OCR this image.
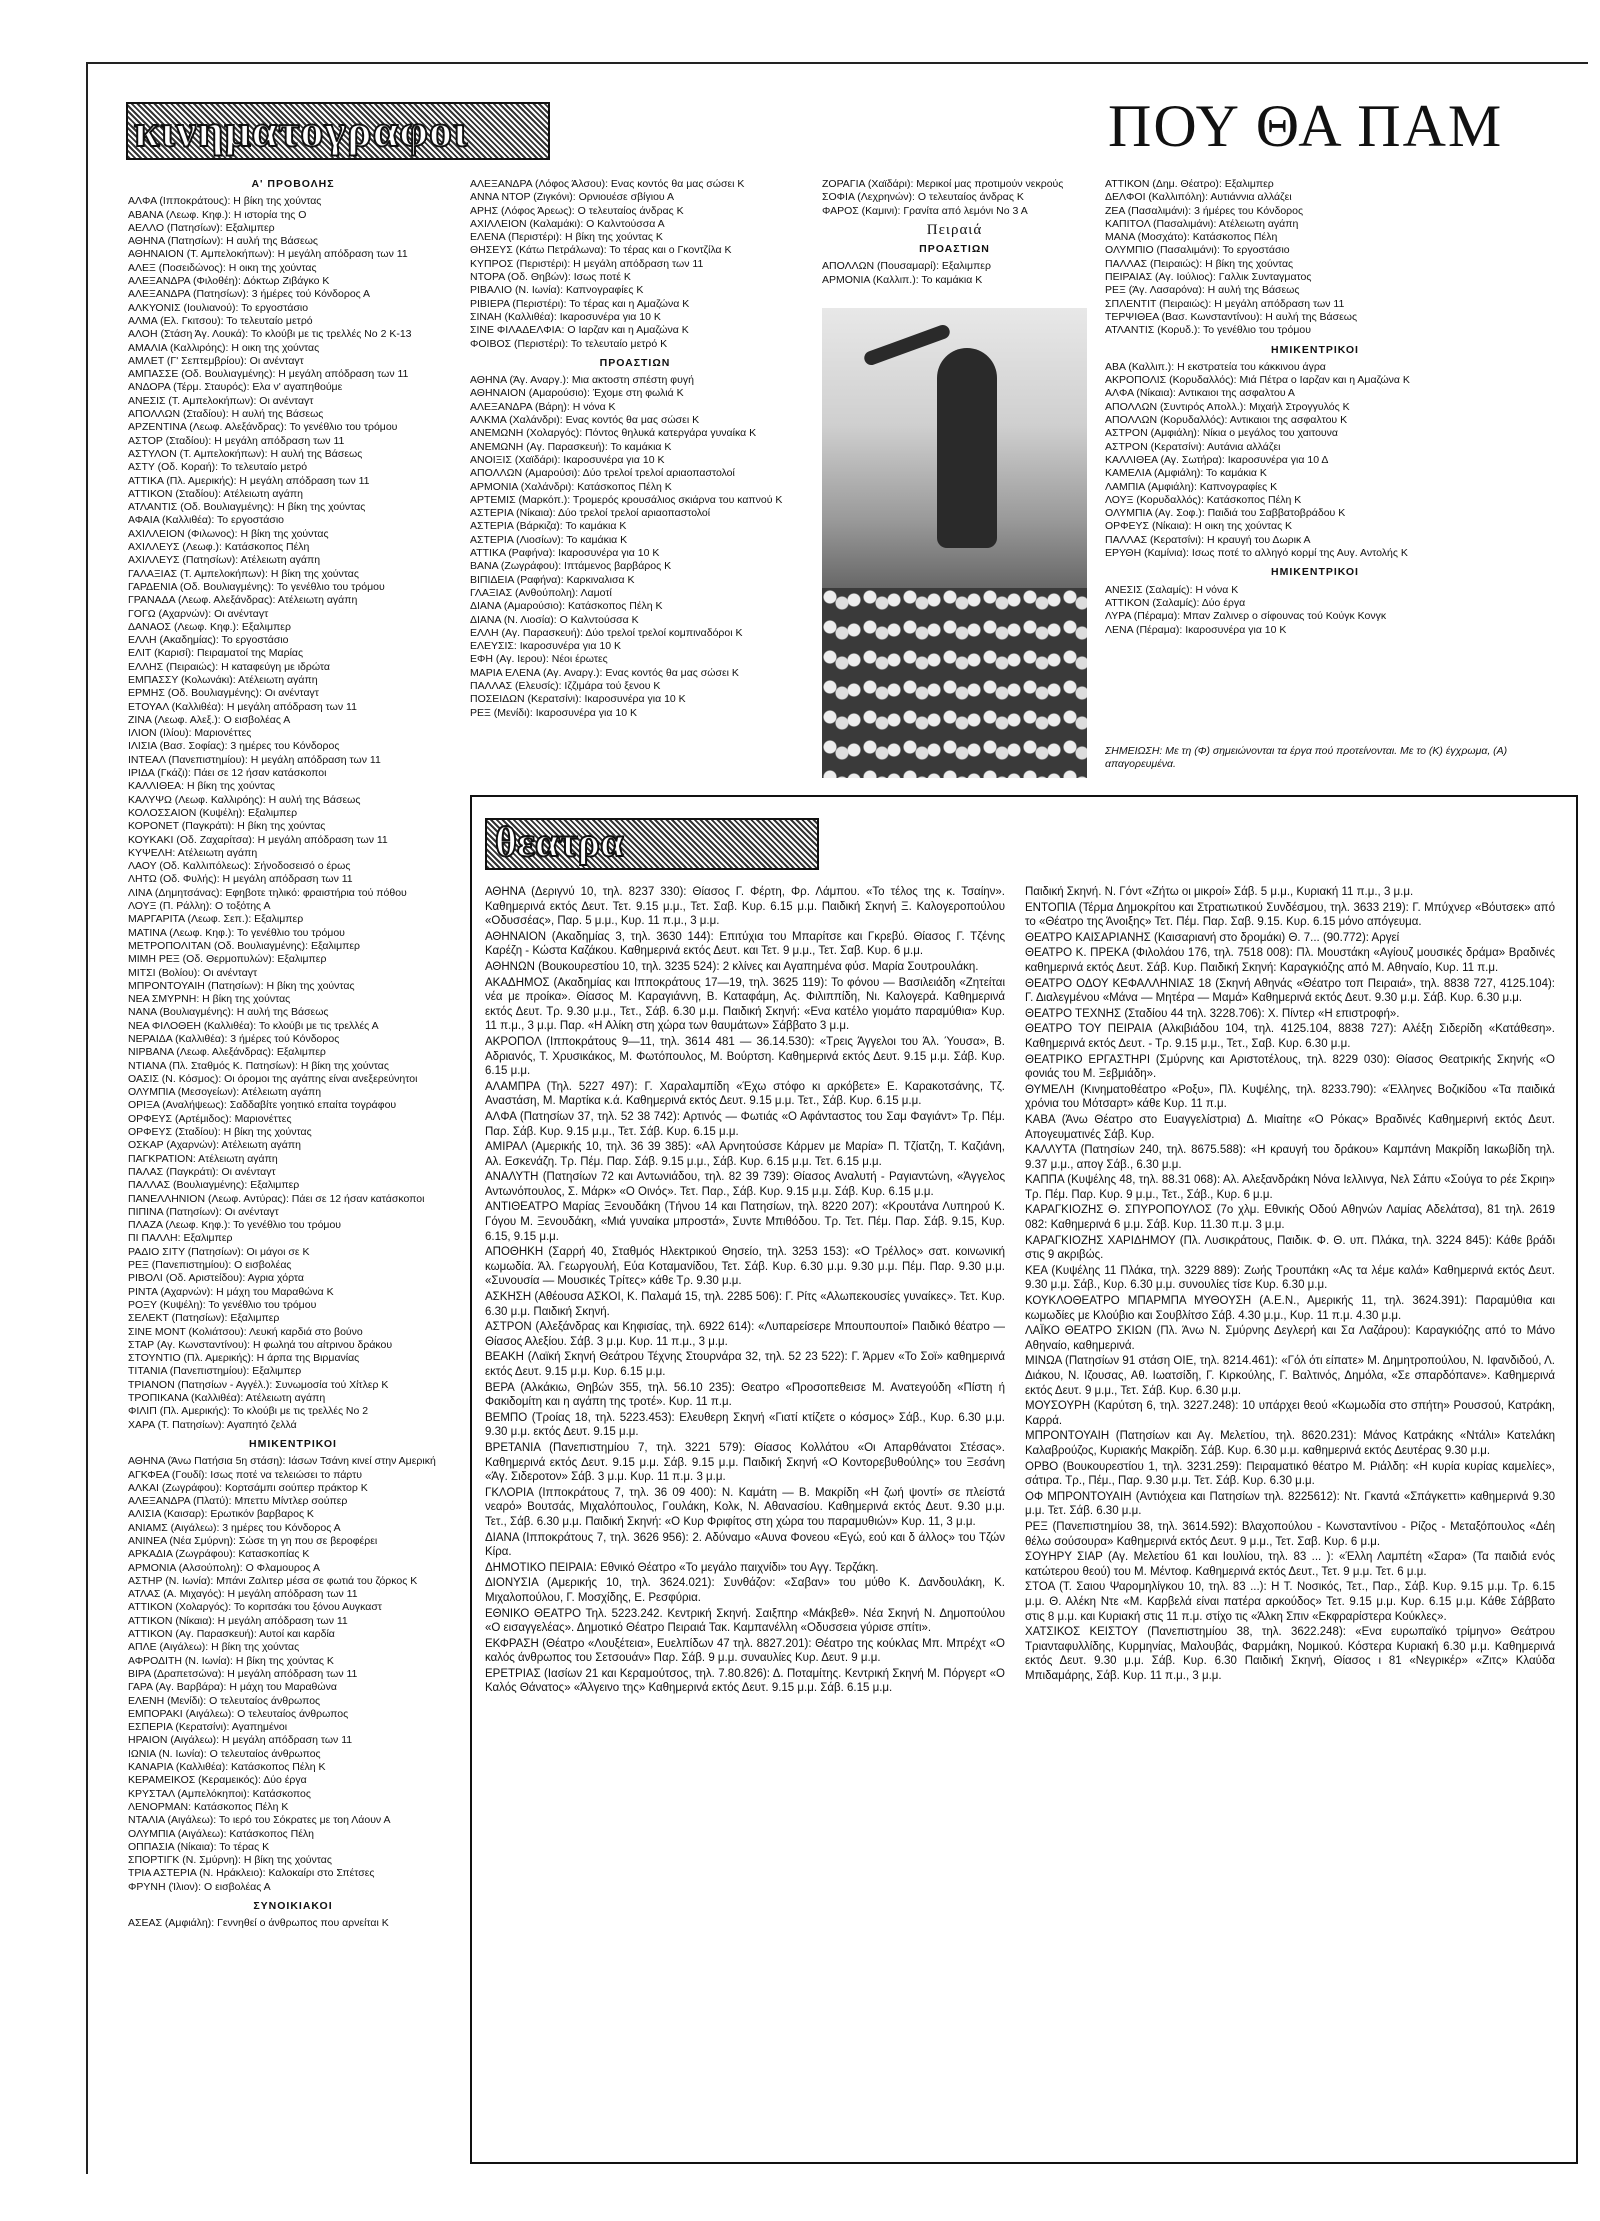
κινηματογραφοι	ΠΟΥ ΘΑ ΠΑΜ
Α' ΠΡΟΒΟΛΗΣ

ΑΛΦΑ (Ιπποκράτους): Η βίκη της χούντας

ΑΒΑΝΑ (Λεωφ. Κηφ.): Η ιστορία της Ο

ΑΕΛΛΟ (Πατησίων): Εξαλιμπερ

ΑΘΗΝΑ (Πατησίων): Η αυλή της Βάσεως

ΑΘΗΝΑΙΟΝ (Τ. Αμπελοκήπων): Η μεγάλη απόδραση των 11

ΑΛΕΞ (Ποσειδώνος): Η οικη της χούντας

ΑΛΕΞΑΝΔΡΑ (Φιλοθέη): Δόκτωρ Ζιβάγκο Κ

ΑΛΕΞΑΝΔΡΑ (Πατησίων): 3 ήμέρες τού Κόνδορος Α

ΑΛΚΥΟΝΙΣ (Ιουλιανού): Το εργοστάσιο

ΑΛΜΑ (Ελ. Γκιτσου): Το τελευταίο μετρό

ΑΛΟΗ (Στάση Άγ. Λουκά): Το κλούβι με τις τρελλές Νο 2 Κ-13

ΑΜΑΛΙΑ (Καλλιρόης): Η οικη της χούντας

ΑΜΛΕΤ (Γ' Σεπτεμβρίου): Οι ανένταγτ

ΑΜΠΑΣΣΕ (Οδ. Βουλιαγμένης): Η μεγάλη απόδραση των 11

ΑΝΔΟΡΑ (Τέρμ. Σταυρός): Ελα ν' αγαπηθούμε

ΑΝΕΣΙΣ (Τ. Αμπελοκήπων): Οι ανένταγτ

ΑΠΟΛΛΩΝ (Σταδίου): Η αυλή της Βάσεως

ΑΡΖΕΝΤΙΝΑ (Λεωφ. Αλεξάνδρας): Το γενέθλιο του τρόμου

ΑΣΤΟΡ (Σταδίου): Η μεγάλη απόδραση των 11

ΑΣΤΥΛΟΝ (Τ. Αμπελοκήπων): Η αυλή της Βάσεως

ΑΣΤΥ (Οδ. Κοραή): Το τελευταίο μετρό

ΑΤΤΙΚΑ (Πλ. Αμερικής): Η μεγάλη απόδραση των 11

ΑΤΤΙΚΟΝ (Σταδίου): Ατέλειωτη αγάπη

ΑΤΛΑΝΤΙΣ (Οδ. Βουλιαγμένης): Η βίκη της χούντας

ΑΦΑΙΑ (Καλλιθέα): Το εργοστάσιο

ΑΧΙΛΛΕΙΟΝ (Φιλωνος): Η βίκη της χούντας

ΑΧΙΛΛΕΥΣ (Λεωφ.): Κατάσκοπος Πέλη

ΑΧΙΛΛΕΥΣ (Πατησίων): Ατέλειωτη αγάπη

ΓΑΛΑΞΙΑΣ (Τ. Αμπελοκήπων): Η βίκη της χούντας

ΓΑΡΔΕΝΙΑ (Οδ. Βουλιαγμένης): Το γενέθλιο του τρόμου

ΓΡΑΝΑΔΑ (Λεωφ. Αλεξάνδρας): Ατέλειωτη αγάπη

ΓΟΓΩ (Αχαρνών): Οι ανένταγτ

ΔΑΝΑΟΣ (Λεωφ. Κηφ.): Εξαλιμπερ

ΕΛΛΗ (Ακαδημίας): Το εργοστάσιο

ΕΛΙΤ (Καρισί): Πειραματοί της Μαρίας

ΕΛΛΗΣ (Πειραιώς): Η καταφεύγη με ιδρώτα

ΕΜΠΑΣΣΥ (Κολωνάκι): Ατέλειωτη αγάπη

ΕΡΜΗΣ (Οδ. Βουλιαγμένης): Οι ανένταγτ

ΕΤΟΥΑΛ (Καλλιθέα): Η μεγάλη απόδραση των 11

ΖΙΝΑ (Λεωφ. Αλεξ.): Ο εισβολέας Α

ΙΛΙΟΝ (Ιλίου): Μαριονέττες

ΙΛΙΣΙΑ (Βασ. Σοφίας): 3 ημέρες του Κόνδορος

ΙΝΤΕΑΛ (Πανεπιστημίου): Η μεγάλη απόδραση των 11

ΙΡΙΔΑ (Γκάζι): Πάει σε 12 ήσαν κατάσκοποι

ΚΑΛΛΙΘΕΑ: Η βίκη της χούντας

ΚΑΛΥΨΩ (Λεωφ. Καλλιρόης): Η αυλή της Βάσεως

ΚΟΛΟΣΣΑΙΟΝ (Κυψέλη): Εξαλιμπερ

ΚΟΡΟΝΕΤ (Παγκράτι): Η βίκη της χούντας

ΚΟΥΚΑΚΙ (Οδ. Ζαχαρίτσα): Η μεγάλη απόδραση των 11

ΚΥΨΕΛΗ: Ατέλειωτη αγάπη

ΛΑΟΥ (Οδ. Καλλιπόλεως): Σήνοδοσεισό ο έρως

ΛΗΤΩ (Οδ. Φυλής): Η μεγάλη απόδραση των 11

ΛΙΝΑ (Δημητσάνας): Εφηβοτε τηλικό: φραιστήρια τού πόθου

ΛΟΥΞ (Π. Ράλλη): Ο τοξότης Α

ΜΑΡΓΑΡΙΤΑ (Λεωφ. Σεπ.): Εξαλιμπερ

ΜΑΤΙΝΑ (Λεωφ. Κηφ.): Το γενέθλιο του τρόμου

ΜΕΤΡΟΠΟΛΙΤΑΝ (Οδ. Βουλιαγμένης): Εξαλιμπερ

ΜΙΜΗ ΡΕΞ (Οδ. Θερμοπυλών): Εξαλιμπερ

ΜΙΤΣΙ (Βολίου): Οι ανένταγτ

ΜΠΡΟΝΤΟΥΑΙΗ (Πατησίων): Η βίκη της χούντας

ΝΕΑ ΣΜΥΡΝΗ: Η βίκη της χούντας

ΝΑΝΑ (Βουλιαγμένης): Η αυλή της Βάσεως

ΝΕΑ ΦΙΛΟΘΕΗ (Καλλιθέα): Το κλούβι με τις τρελλές Α

ΝΕΡΑΙΔΑ (Καλλιθέα): 3 ήμέρες τού Κόνδορος

ΝΙΡΒΑΝΑ (Λεωφ. Αλεξάνδρας): Εξαλιμπερ

ΝΤΙΑΝΑ (Πλ. Σταθμός Κ. Πατησίων): Η βίκη της χούντας

ΟΑΣΙΣ (Ν. Κόσμος): Οι όρομοι της αγάπης είναι ανεξερεύνητοι

ΟΛΥΜΠΙΑ (Μεσογείων): Ατέλειωτη αγάπη

ΟΡΙΞΑ (Αναλήψεως): Σαδδαβίτε γοητικό επαίτα τογράφου

ΟΡΦΕΥΣ (Αρτέμιδος): Μαριονέττες

ΟΡΦΕΥΣ (Σταδίου): Η βίκη της χούντας

ΟΣΚΑΡ (Αχαρνών): Ατέλειωτη αγάπη

ΠΑΓΚΡΑΤΙΟΝ: Ατέλειωτη αγάπη

ΠΑΛΑΣ (Παγκράτι): Οι ανένταγτ

ΠΑΛΛΑΣ (Βουλιαγμένης): Εξαλιμπερ

ΠΑΝΕΛΛΗΝΙΟΝ (Λεωφ. Αντύρας): Πάει σε 12 ήσαν κατάσκοποι

ΠΙΠΙΝΑ (Πατησίων): Οι ανένταγτ

ΠΛΑΖΑ (Λεωφ. Κηφ.): Το γενέθλιο του τρόμου

ΠΙ ΠΑΛΛΗ: Εξαλιμπερ

ΡΑΔΙΟ ΣΙΤΥ (Πατησίων): Οι μάγοι σε Κ

ΡΕΞ (Πανεπιστημίου): Ο εισβολέας

ΡΙΒΟΛΙ (Οδ. Αριστείδου): Αγρια χόρτα

ΡΙΝΤΑ (Αχαρνών): Η μάχη του Μαραθώνα Κ

ΡΟΞΥ (Κυψέλη): Το γενέθλιο του τρόμου

ΣΕΛΕΚΤ (Πατησίων): Εξαλιμπερ

ΣΙΝΕ ΜΟΝΤ (Κολιάτσου): Λευκή καρδιά στο βούνο

ΣΤΑΡ (Αγ. Κωνσταντίνου): Η φωληά του αίτρινου δράκου

ΣΤΟΥΝΤΙΟ (Πλ. Αμερικής): Η άρπα της Βιρμανίας

ΤΙΤΑΝΙΑ (Πανεπιστημίου): Εξαλιμπερ

ΤΡΙΑΝΟΝ (Πατησίων - Αγγέλ.): Συνωμοσία τού Χίτλερ Κ

ΤΡΟΠΙΚΑΝΑ (Καλλιθέα): Ατέλειωτη αγάπη

ΦΙΛΙΠ (Πλ. Αμερικής): Το κλούβι με τις τρελλές Νο 2

ΧΑΡΑ (Τ. Πατησίων): Αγαπητό ζελλά

ΗΜΙΚΕΝΤΡΙΚΟΙ

ΑΘΗΝΑ (Άνω Πατήσια 5η στάση): Ιάσων Τσάνη κινεί στην Αμερική

ΑΓΚΦΕΑ (Γουδί): Ισως ποτέ να τελειώσει το πάρτυ

ΑΛΚΑΙ (Ζωγράφου): Κορτσάμπι σούπερ πράκτορ Κ

ΑΛΕΞΑΝΔΡΑ (Πλατύ): Μπεττυ Μίντλερ σούπερ

ΑΛΙΣΙΑ (Καισαρ): Ερωτικόν βαρβαρος Κ

ΑΝΙΑΜΣ (Αιγάλεω): 3 ημέρες του Κόνδορος Α

ΑΝΙΝΕΑ (Νέα Σμύρνη): Σώσε τη γη που σε βεροφέρει

ΑΡΚΑΔΙΑ (Ζωγράφου): Κατασκοπίας Κ

ΑΡΜΟΝΙΑ (Αλσούπολη): Ο Φλαμουρος Α

ΑΣΤΗΡ (Ν. Ιωνία): Μπάνι Ζαλιτερ μέσα σε φωτιά του ζόρκος Κ

ΑΤΛΑΣ (Α. Μιχαγός): Η μεγάλη απόδραση των 11

ΑΤΤΙΚΟΝ (Χολαργός): Το κοριτσάκι του ξόνου Αυγκαστ

ΑΤΤΙΚΟΝ (Νίκαια): Η μεγάλη απόδραση των 11

ΑΤΤΙΚΟΝ (Αγ. Παρασκευή): Αυτοί και καρδία

ΑΠΛΕ (Αιγάλεω): Η βίκη της χούντας

ΑΦΡΟΔΙΤΗ (Ν. Ιωνία): Η βίκη της χούντας Κ

ΒΙΡΑ (Δραπετσώνα): Η μεγάλη απόδραση των 11

ΓΑΡΑ (Αγ. Βαρβάρα): Η μάχη του Μαραθώνα

ΕΛΕΝΗ (Μενίδι): Ο τελευταίος άνθρωπος

ΕΜΠΟΡΑΚΙ (Αιγάλεω): Ο τελευταίος άνθρωπος

ΕΣΠΕΡΙΑ (Κερατσίνι): Αγαπημένοι

ΗΡΑΙΟΝ (Αιγάλεω): Η μεγάλη απόδραση των 11

ΙΩΝΙΑ (Ν. Ιωνία): Ο τελευταίος άνθρωπος

ΚΑΝΑΡΙΑ (Καλλιθέα): Κατάσκοπος Πέλη Κ

ΚΕΡΑΜΕΙΚΟΣ (Κεραμεικός): Δύο έργα

ΚΡΥΣΤΑΛ (Αμπελόκηποι): Κατάσκοπος

ΛΕΝΟΡΜΑΝ: Κατάσκοπος Πέλη Κ

ΝΤΑΛΙΑ (Αιγάλεω): Το ιερό του Σόκρατες με τοη Λάουν Α

ΟΛΥΜΠΙΑ (Αιγάλεω): Κατάσκοπος Πέλη

ΟΠΠΑΣΙΑ (Νίκαια): Το τέρας Κ

ΣΠΟΡΤΙΓΚ (Ν. Σμύρνη): Η βίκη της χούντας

ΤΡΙΑ ΑΣΤΕΡΙΑ (Ν. Ηράκλειο): Καλοκαίρι στο Σπέτσες

ΦΡΥΝΗ (Ίλιον): Ο εισβολέας Α

ΣΥΝΟΙΚΙΑΚΟΙ

ΑΣΕΑΣ (Αμφιάλη): Γεννηθεί ο άνθρωπος που αρνείται Κ

ΑΛΕΞΑΝΔΡΑ (Λόφος Άλσου): Ενας κοντός θα μας σώσει Κ

ΑΝΝΑ ΝΤΟΡ (Ζιγκόνι): Ορνιουέσε σβίγιου Α

ΑΡΗΣ (Λόφος Άρεως): Ο τελευταίος άνδρας Κ

ΑΧΙΛΛΕΙΟΝ (Καλαμάκι): Ο Καλντούσσα Α

ΕΛΕΝΑ (Περιστέρι): Η βίκη της χούντας Κ

ΘΗΣΕΥΣ (Κάτω Πετράλωνα): Το τέρας και ο Γκοντζίλα Κ

ΚΥΠΡΟΣ (Περιστέρι): Η μεγάλη απόδραση των 11

ΝΤΟΡΑ (Οδ. Θηβών): Ισως ποτέ Κ

ΡΙΒΑΛΙΟ (Ν. Ιωνία): Καπνογραφίες Κ

ΡΙΒΙΕΡΑ (Περιστέρι): Το τέρας και η Αμαζώνα Κ

ΣΙΝΑΗ (Καλλιθέα): Ικαροσυνέρα για 10 Κ

ΣΙΝΕ ΦΙΛΑΔΕΛΦΙΑ: Ο Ιαρζαν και η Αμαζώνα Κ

ΦΟΙΒΟΣ (Περιστέρι): Το τελευταίο μετρό Κ

ΠΡΟΑΣΤΙΩΝ

ΑΘΗΝΑ (Άγ. Αναργ.): Μια ακτοστη σπέστη φυγή

ΑΘΗΝΑΙΟΝ (Αμαρούσιο): Έχομε στη φωλιά Κ

ΑΛΕΞΑΝΔΡΑ (Βάρη): Η νόνα Κ

ΑΛΚΜΑ (Χαλάνδρι): Ενας κοντός θα μας σώσει Κ

ΑΝΕΜΩΝΗ (Χολαργός): Πόντος θηλυκά κατεργάρα γυναίκα Κ

ΑΝΕΜΩΝΗ (Αγ. Παρασκευή): Το καμάκια Κ

ΑΝΟΙΞΙΣ (Χαϊδάρι): Ικαροσυνέρα για 10 Κ

ΑΠΟΛΛΩΝ (Αμαρούσι): Δύο τρελοί τρελοί αριαοπαστολοί

ΑΡΜΟΝΙΑ (Χαλάνδρι): Κατάσκοπος Πέλη Κ

ΑΡΤΕΜΙΣ (Μαρκόπ.): Τρομερός κρουσάλιος σκιάρνα του καπνού Κ

ΑΣΤΕΡΙΑ (Νίκαια): Δύο τρελοί τρελοί αριαοπαστολοί

ΑΣΤΕΡΙΑ (Βάρκιζα): Το καμάκια Κ

ΑΣΤΕΡΙΑ (Λιοσίων): Το καμάκια Κ

ΑΤΤΙΚΑ (Ραφήνα): Ικαροσυνέρα για 10 Κ

ΒΑΝΑ (Ζωγράφου): Ιπτάμενος βαρβάρος Κ

ΒΙΠΙΔΕΙΑ (Ραφήνα): Καρκιναλισα Κ

ΓΛΑΞΙΑΣ (Ανθούπολη): Λαμοτί

ΔΙΑΝΑ (Αμαρούσιο): Κατάσκοπος Πέλη Κ

ΔΙΑΝΑ (Ν. Λιοσία): Ο Καλντούσσα Κ

ΕΛΛΗ (Αγ. Παρασκευή): Δύο τρελοί τρελοί κομπιναδόροι Κ

ΕΛΕΥΣΙΣ: Ικαροσυνέρα για 10 Κ

ΕΦΗ (Αγ. Ιερου): Νέοι έρωτες

ΜΑΡΙΑ ΕΛΕΝΑ (Αγ. Αναργ.): Ενας κοντός θα μας σώσει Κ

ΠΑΛΛΑΣ (Ελευσίς): Ιζζιμάρα τού ξενου Κ

ΠΟΣΕΙΔΩΝ (Κερατσίνι): Ικαροσυνέρα για 10 Κ

ΡΕΞ (Μενίδι): Ικαροσυνέρα για 10 Κ

ΖΟΡΑΓΙΑ (Χαϊδάρι): Μερικοί μας προτιμούν νεκρούς

ΣΟΦΙΑ (Λεχρηνών): Ο τελευταίος άνδρας Κ

ΦΑΡΟΣ (Καμινι): Γρανίτα από λεμόνι Νο 3 Α

Πειραιά
ΠΡΟΑΣΤΙΩΝ

ΑΠΟΛΛΩΝ (Πουσαμαρί): Εξαλιμπερ

ΑΡΜΟΝΙΑ (Καλλιπ.): Το καμάκια Κ

ΑΤΤΙΚΟΝ (Δημ. Θέατρο): Εξαλιμπερ

ΔΕΛΦΟΙ (Καλλιπόλη): Αυτιάννια αλλάζει

ΖΕΑ (Πασαλιμάνι): 3 ήμέρες του Κόνδορος

ΚΑΠΙΤΟΛ (Πασαλιμάνι): Ατέλειωτη αγάπη

ΜΑΝΑ (Μοσχάτο): Κατάσκοπος Πέλη

ΟΛΥΜΠΙΟ (Πασαλιμάνι): Το εργοστάσιο

ΠΑΛΛΑΣ (Πειραιώς): Η βίκη της χούντας

ΠΕΙΡΑΙΑΣ (Αγ. Ιούλιος): Γαλλικ Συνταγματος

ΡΕΞ (Άγ. Λασαρόνα): Η αυλή της Βάσεως

ΣΠΛΕΝΤΙΤ (Πειραιώς): Η μεγάλη απόδραση των 11

ΤΕΡΨΙΘΕΑ (Βασ. Κωνσταντίνου): Η αυλή της Βάσεως

ΑΤΛΑΝΤΙΣ (Κορυδ.): Το γενέθλιο του τρόμου

ΗΜΙΚΕΝΤΡΙΚΟΙ

ΑΒΑ (Καλλιπ.): Η εκστρατεία του κάκκινου άγρα

ΑΚΡΟΠΟΛΙΣ (Κορυδαλλός): Μιά Πέτρα ο Ιαρζαν και η Αμαζώνα Κ

ΑΛΦΑ (Νίκαια): Αντικαιοι της ασφαλτου Α

ΑΠΟΛΛΩΝ (Συντιρός Απολλ.): Μιχαήλ Στρογγυλός Κ

ΑΠΟΛΛΩΝ (Κορυδαλλός): Αντικαιοι της ασφαλτου Κ

ΑΣΤΡΟΝ (Αμφιάλη): Νίκια ο μεγάλος του χαιτουνα

ΑΣΤΡΟΝ (Κερατσίνι): Αυτάνια αλλάζει

ΚΑΛΛΙΘΕΑ (Αγ. Σωτήρα): Ικαροσυνέρα για 10 Δ

ΚΑΜΕΛΙΑ (Αμφιάλη): Το καμάκια Κ

ΛΑΜΠΙΑ (Αμφιάλη): Καπνογραφίες Κ

ΛΟΥΞ (Κορυδαλλός): Κατάσκοπος Πέλη Κ

ΟΛΥΜΠΙΑ (Αγ. Σοφ.): Παιδιά του Σαββατοβράδου Κ

ΟΡΦΕΥΣ (Νίκαια): Η οικη της χούντας Κ

ΠΑΛΛΑΣ (Κερατσίνι): Η κραυγή του Δωρικ Α

ΕΡΥΘΗ (Καμίνια): Ισως ποτέ το αλληγό κορμί της Αυγ. Αντολής Κ

ΗΜΙΚΕΝΤΡΙΚΟΙ

ΑΝΕΣΙΣ (Σαλαμίς): Η νόνα Κ

ΑΤΤΙΚΟΝ (Σαλαμίς): Δύο έργα

ΛΥΡΑ (Πέραμα): Μπαν Ζαλινερ ο σίφουνας τού Κούγκ Κονγκ

ΛΕΝΑ (Πέραμα): Ικαροσυνέρα για 10 Κ

ΣΗΜΕΙΩΣΗ: Με τη (Φ) σημειώνονται τα έργα πού προτείνονται. Με το (Κ) έγχρωμα, (Α) απαγορευμένα.
θεατρα

ΑΘΗΝΑ (Δεριγνύ 10, τηλ. 8237 330): Θίασος Γ. Φέρτη, Φρ. Λάμπου. «Το τέλος της κ. Τσαίην». Καθημερινά εκτός Δευτ. Τετ. 9.15 μ.μ., Τετ. Σαβ. Κυρ. 6.15 μ.μ. Παιδική Σκηνή Ξ. Καλογεροπούλου «Οδυσσέας», Παρ. 5 μ.μ., Κυρ. 11 π.μ., 3 μ.μ.

ΑΘΗΝΑΙΟΝ (Ακαδημίας 3, τηλ. 3630 144): Επιτύχια του Μπαρίτσε και Γκρεβύ. Θίασος Γ. Τζένης Καρέζη - Κώστα Καζάκου. Καθημερινά εκτός Δευτ. και Τετ. 9 μ.μ., Τετ. Σαβ. Κυρ. 6 μ.μ.

ΑΘΗΝΩΝ (Βουκουρεστίου 10, τηλ. 3235 524): 2 κλίνες και Αγαπημένα φύσ. Μαρία Σουτρουλάκη.

ΑΚΑΔΗΜΟΣ (Ακαδημίας και Ιπποκράτους 17—19, τηλ. 3625 119): Το φόνου — Βασιλειάδη «Ζητείται νέα με προίκα». Θίασος Μ. Καραγιάννη, Β. Καταφάμη, Ας. Φιλιππίδη, Νι. Καλογερά. Καθημερινά εκτός Δευτ. Τρ. 9.30 μ.μ., Τετ., Σάβ. 6.30 μ.μ. Παιδική Σκηνή: «Ενα κατέλο γιομάτο παραμύθια» Κυρ. 11 π.μ., 3 μ.μ. Παρ. «Η Αλίκη στη χώρα των θαυμάτων» Σάββατο 3 μ.μ.

ΑΚΡΟΠΟΛ (Ιπποκράτους 9—11, τηλ. 3614 481 — 36.14.530): «Τρεις Άγγελοι του Άλ. Ύουσα», Β. Αδριανός, Τ. Χρυσικάκος, Μ. Φωτόπουλος, Μ. Βούρτση. Καθημερινά εκτός Δευτ. 9.15 μ.μ. Σάβ. Κυρ. 6.15 μ.μ.

ΑΛΑΜΠΡΑ (Τηλ. 5227 497): Γ. Χαραλαμπίδη «Έχω στόφο κι αρκόβετε» Ε. Καρακοτσάνης, Τζ. Αναστάση, Μ. Μαρτίκα κ.ά. Καθημερινά εκτός Δευτ. 9.15 μ.μ. Τετ., Σάβ. Κυρ. 6.15 μ.μ.

ΑΛΦΑ (Πατησίων 37, τηλ. 52 38 742): Αρτινός — Φωτιάς «Ο Αφάνταστος του Σαμ Φαγιάντ» Τρ. Πέμ. Παρ. Σάβ. Κυρ. 9.15 μ.μ., Τετ. Σάβ. Κυρ. 6.15 μ.μ.

ΑΜΙΡΑΛ (Αμερικής 10, τηλ. 36 39 385): «Αλ Αρνητούσσε Κάρμεν με Μαρία» Π. Τζίατζη, Τ. Καζιάνη, Αλ. Εσκενάζη. Τρ. Πέμ. Παρ. Σάβ. 9.15 μ.μ., Σάβ. Κυρ. 6.15 μ.μ. Τετ. 6.15 μ.μ.

ΑΝΑΛΥΤΗ (Πατησίων 72 και Αντωνιάδου, τηλ. 82 39 739): Θίασος Αναλυτή - Ραγιαντώνη, «Άγγελος Αντωνόπουλος, Σ. Μάρκ» «Ο Οινός». Τετ. Παρ., Σάβ. Κυρ. 9.15 μ.μ. Σάβ. Κυρ. 6.15 μ.μ.

ΑΝΤΙΘΕΑΤΡΟ Μαρίας Ξενουδάκη (Τήνου 14 και Πατησίων, τηλ. 8220 207): «Κρουτάνα Λυπηρού Κ. Γόγου Μ. Ξενουδάκη, «Μιά γυναίκα μπροστά», Συντε Μπιθόδου. Τρ. Τετ. Πέμ. Παρ. Σάβ. 9.15, Κυρ. 6.15, 9.15 μ.μ.

ΑΠΟΘΗΚΗ (Σαρρή 40, Σταθμός Ηλεκτρικού Θησείο, τηλ. 3253 153): «Ο Τρέλλος» σατ. κοινωνική κωμωδία. Άλ. Γεωργουλή, Εύα Κοταμανίδου, Τετ. Σάβ. Κυρ. 6.30 μ.μ. 9.30 μ.μ. Πέμ. Παρ. 9.30 μ.μ. «Συνουσία — Μουσικές Τρίτες» κάθε Τρ. 9.30 μ.μ.

ΑΣΚΗΣΗ (Αθέουσα ΑΣΚΟΙ, Κ. Παλαμά 15, τηλ. 2285 506): Γ. Ρίτς «Αλωπεκουσίες γυναίκες». Τετ. Κυρ. 6.30 μ.μ. Παιδική Σκηνή.

ΑΣΤΡΟΝ (Αλεξάνδρας και Κηφισίας, τηλ. 6922 614): «Λυπαρείσερε Μπουπουποί» Παιδικό θέατρο — Θίασος Αλεξίου. Σάβ. 3 μ.μ. Κυρ. 11 π.μ., 3 μ.μ.

ΒΕΑΚΗ (Λαϊκή Σκηνή Θεάτρου Τέχνης Στουρνάρα 32, τηλ. 52 23 522): Γ. Άρμεν «Το Σοϊ» καθημερινά εκτός Δευτ. 9.15 μ.μ. Κυρ. 6.15 μ.μ.

ΒΕΡΑ (Αλκάκιω, Θηβών 355, τηλ. 56.10 235): Θεατρο «Προσοπεθεισε Μ. Ανατεγούδη «Πίστη ή Φακιδομίτη και η αγάπη της τροτέ». Κυρ. 11 π.μ.

ΒΕΜΠΟ (Τροίας 18, τηλ. 5223.453): Ελευθερη Σκηνή «Γιατί κτίζετε ο κόσμος» Σάβ., Κυρ. 6.30 μ.μ. 9.30 μ.μ. εκτός Δευτ. 9.15 μ.μ.

ΒΡΕΤΑΝΙΑ (Πανεπιστημίου 7, τηλ. 3221 579): Θίασος Κολλάτου «Οι Απαρθάνατοι Στέσας». Καθημερινά εκτός Δευτ. 9.15 μ.μ. Σάβ. 9.15 μ.μ. Παιδική Σκηνή «Ο Κοντορεβυθούλης» του Ξεσάνη «Άγ. Σιδεροτον» Σάβ. 3 μ.μ. Κυρ. 11 π.μ. 3 μ.μ.

ΓΚΛΟΡΙΑ (Ιπποκράτους 7, τηλ. 36 09 400): Ν. Καμάτη — Β. Μακρίδη «Η ζωή ψοντί» σε πλείστά νεαρό» Βουτσάς, Μιχαλόπουλος, Γουλάκη, Κολκ, Ν. Αθανασίου. Καθημερινά εκτός Δευτ. 9.30 μ.μ. Τετ., Σάβ. 6.30 μ.μ. Παιδική Σκηνή: «Ο Κυρ Φριφίτος στη χώρα του παραμυθιών» Κυρ. 11, 3 μ.μ.

ΔΙΑΝΑ (Ιπποκράτους 7, τηλ. 3626 956): 2. Αδύναμο «Αυνα Φονεου «Εγώ, εού και δ άλλος» του Τζών Κίρα.

ΔΗΜΟΤΙΚΟ ΠΕΙΡΑΙΑ: Εθνικό Θέατρο «Το μεγάλο παιχνίδι» του Αγγ. Τερζάκη.

ΔΙΟΝΥΣΙΑ (Αμερικής 10, τηλ. 3624.021): Συνθάζον: «Σαβαν» του μύθο Κ. Δανδουλάκη, Κ. Μιχαλοπούλου, Γ. Μοσχίδης, Ε. Ρεσφύρια.

ΕΘΝΙΚΟ ΘΕΑΤΡΟ Τηλ. 5223.242. Κεντρική Σκηνή. Σαιξπηρ «Μάκβεθ». Νέα Σκηνή Ν. Δημοπούλου «Ο εισαγγελέας». Δημοτικό Θέατρο Πειραιά Τακ. Καμπανέλλη «Οδυσσεια γύρισε σπίτι».

ΕΚΦΡΑΣΗ (Θέατρο «Λουξέτεια», Ευελπίδων 47 τηλ. 8827.201): Θέατρο της κούκλας Μπ. Μπρέχτ «Ο καλός άνθρωπος του Σετσουάν» Παρ. Σάβ. 9 μ.μ. συναυλίες Κυρ. Δευτ. 9 μ.μ.

ΕΡΕΤΡΙΑΣ (Ιασίων 21 και Κεραμούτσος, τηλ. 7.80.826): Δ. Ποταμίτης. Κεντρική Σκηνή Μ. Πόργερτ «Ο Καλός Θάνατος» «Άλγεινο της» Καθημερινά εκτός Δευτ. 9.15 μ.μ. Σάβ. 6.15 μ.μ.

Παιδική Σκηνή. Ν. Γόντ «Ζήτω οι μικροί» Σάβ. 5 μ.μ., Κυριακή 11 π.μ., 3 μ.μ.

ΕΝΤΟΠΙΑ (Τέρμα Δημοκρίτου και Στρατιωτικού Συνδέσμου, τηλ. 3633 219): Γ. Μπύχνερ «Βόυτσεκ» από το «Θέατρο της Άνοιξης» Τετ. Πέμ. Παρ. Σαβ. 9.15. Κυρ. 6.15 μόνο απόγευμα.

ΘΕΑΤΡΟ ΚΑΙΣΑΡΙΑΝΗΣ (Καισαριανή στο δρομάκι) Θ. 7... (90.772): Αργεί

ΘΕΑΤΡΟ Κ. ΠΡΕΚΑ (Φιλολάου 176, τηλ. 7518 008): Πλ. Μουστάκη «Αγίουζ μουσικές δράμα» Βραδινές καθημερινά εκτός Δευτ. Σάβ. Κυρ. Παιδική Σκηνή: Καραγκιόζης από Μ. Αθηναίο, Κυρ. 11 π.μ.

ΘΕΑΤΡΟ ΟΔΟΥ ΚΕΦΑΛΛΗΝΙΑΣ 18 (Σκηνή Αθηνάς «Θέατρο τοπ Πειραιά», τηλ. 8838 727, 4125.104): Γ. Διαλεγμένου «Μάνα — Μητέρα — Μαμά» Καθημερινά εκτός Δευτ. 9.30 μ.μ. Σάβ. Κυρ. 6.30 μ.μ.

ΘΕΑΤΡΟ ΤΕΧΝΗΣ (Σταδίου 44 τηλ. 3228.706): Χ. Πίντερ «Η επιστροφή».

ΘΕΑΤΡΟ ΤΟΥ ΠΕΙΡΑΙΑ (Αλκιβιάδου 104, τηλ. 4125.104, 8838 727): Αλέξη Σιδερίδη «Κατάθεση». Καθημερινά εκτός Δευτ. - Τρ. 9.15 μ.μ., Τετ., Σαβ. Κυρ. 6.30 μ.μ.

ΘΕΑΤΡΙΚΟ ΕΡΓΑΣΤΗΡΙ (Σμύρνης και Αριστοτέλους, τηλ. 8229 030): Θίασος Θεατρικής Σκηνής «Ο φονιάς του Μ. Ξεβμιάδη».

ΘΥΜΕΛΗ (Κινηματοθέατρο «Ροξυ», Πλ. Κυψέλης, τηλ. 8233.790): «Έλληνες Βοζικίδου «Τα παιδικά χρόνια του Μότσαρτ» κάθε Κυρ. 11 π.μ.

ΚΑΒΑ (Άνω Θέατρο στο Ευαγγελίστρια) Δ. Μιαίτηε «Ο Ρόκας» Βραδινές Καθημερινή εκτός Δευτ. Απογευματινές Σάβ. Κυρ.

ΚΑΛΛΥΤΑ (Πατησίων 240, τηλ. 8675.588): «Η κραυγή του δράκου» Καμπάνη Μακρίδη Ιακωβίδη τηλ. 9.37 μ.μ., απογ Σάβ., 6.30 μ.μ.

ΚΑΠΠΑ (Κυψέλης 48, τηλ. 88.31 068): Αλ. Αλεξανδράκη Νόνα Ιελλινγα, Νελ Σάπυ «Σούγα το ρέε Σκριη» Τρ. Πέμ. Παρ. Κυρ. 9 μ.μ., Τετ., Σάβ., Κυρ. 6 μ.μ.

ΚΑΡΑΓΚΙΟΖΗΣ Θ. ΣΠΥΡΟΠΟΥΛΟΣ (7ο χλμ. Εθνικής Οδού Αθηνών Λαμίας Αδελάτσα), 81 τηλ. 2619 082: Καθημερινά 6 μ.μ. Σάβ. Κυρ. 11.30 π.μ. 3 μ.μ.

ΚΑΡΑΓΚΙΟΖΗΣ ΧΑΡΙΔΗΜΟΥ (Πλ. Λυσικράτους, Παιδικ. Φ. Θ. υπ. Πλάκα, τηλ. 3224 845): Κάθε βράδι στις 9 ακριβώς.

ΚΕΑ (Κυψέλης 11 Πλάκα, τηλ. 3229 889): Ζωής Τρουπάκη «Ας τα λέμε καλά» Καθημερινά εκτός Δευτ. 9.30 μ.μ. Σάβ., Κυρ. 6.30 μ.μ. συνουλίες τίσε Κυρ. 6.30 μ.μ.

ΚΟΥΚΛΟΘΕΑΤΡΟ ΜΠΑΡΜΠΑ ΜΥΘΟΥΣΗ (Α.Ε.Ν., Αμερικής 11, τηλ. 3624.391): Παραμύθια και κωμωδίες με Κλούβιο και Σουβλίτσο Σάβ. 4.30 μ.μ., Κυρ. 11 π.μ. 4.30 μ.μ.

ΛΑΪΚΟ ΘΕΑΤΡΟ ΣΚΙΩΝ (Πλ. Άνω Ν. Σμύρνης Δεγλερή και Σα Λαζάρου): Καραγκιόζης από το Μάνο Αθηναίο, καθημερινά.

ΜΙΝΩΑ (Πατησίων 91 στάση ΟΙΕ, τηλ. 8214.461): «Γόλ ότι είπατε» Μ. Δημητροπούλου, Ν. Ιφανδιδού, Λ. Διάκου, Ν. Ιζουσας, Αθ. Ιωατσίδη, Γ. Κιρκούλης, Γ. Βαλτινός, Δημόλα, «Σε σπαρδόπανε». Καθημερινά εκτός Δευτ. 9 μ.μ., Τετ. Σάβ. Κυρ. 6.30 μ.μ.

ΜΟΥΣΟΥΡΗ (Καρύτση 6, τηλ. 3227.248): 10 υπάρχει θεού «Κωμωδία στο σπήτη» Ρουσσού, Κατράκη, Καρρά.

ΜΠΡΟΝΤΟΥΑΙΗ (Πατησίων και Αγ. Μελετίου, τηλ. 8620.231): Μάνος Κατράκης «Ντάλι» Κατελάκη Καλαβρούζος, Κυριακής Μακρίδη. Σάβ. Κυρ. 6.30 μ.μ. καθημερινά εκτός Δευτέρας 9.30 μ.μ.

ΟΡΒΟ (Βουκουρεστίου 1, τηλ. 3231.259): Πειραματικό θέατρο Μ. Ριάλδη: «Η κυρία κυρίας καμελίες», σάτιρα. Τρ., Πέμ., Παρ. 9.30 μ.μ. Τετ. Σάβ. Κυρ. 6.30 μ.μ.

ΟΦ ΜΠΡΟΝΤΟΥΑΙΗ (Αντιόχεια και Πατησίων τηλ. 8225612): Ντ. Γκαντά «Σπάγκεττι» καθημερινά 9.30 μ.μ. Τετ. Σάβ. 6.30 μ.μ.

ΡΕΞ (Πανεπιστημίου 38, τηλ. 3614.592): Βλαχοπούλου - Κωνσταντίνου - Ρίζος - Μεταξόπουλος «Δέη θέλω σούσουρα» Καθημερινά εκτός Δευτ. 9 μ.μ., Τετ. Σαβ. Κυρ. 6 μ.μ.

ΣΟΥΗΡΥ ΣΙΑΡ (Αγ. Μελετίου 61 και Ιουλίου, τηλ. 83 ... ): «Έλλη Λαμπέτη «Σαρα» (Τα παιδιά ενός κατώτερου θεού) του Μ. Μέντοφ. Καθημερινά εκτός Δευτ., Τετ. 9 μ.μ. Τετ. 6 μ.μ.

ΣΤΟΑ (Τ. Σαιου Ψαρομηλίγκου 10, τηλ. 83 ...): Η Τ. Νοσικός, Τετ., Παρ., Σάβ. Κυρ. 9.15 μ.μ. Τρ. 6.15 μ.μ. Θ. Αλέκη Ντε «Μ. Καρβελά είναι πατέρα αρκούδος» Τετ. 9.15 μ.μ. Κυρ. 6.15 μ.μ. Κάθε Σάββατο στις 8 μ.μ. και Κυριακή στις 11 π.μ. στίχο τις «Άλκη Σπιν «Εκφραρίστερα Κούκλες».

ΧΑΤΣΙΚΟΣ ΚΕΙΣΤΟΥ (Πανεπιστημίου 38, τηλ. 3622.248): «Ενα ευρωπαϊκό τρίμηνο» Θεάτρου Τριανταφυλλίδης, Κυρμηνίας, Μαλουβάς, Φαρμάκη, Νομικού. Κόστερα Κυριακή 6.30 μ.μ. Καθημερινά εκτός Δευτ. 9.30 μ.μ. Σάβ. Κυρ. 6.30 Παιδική Σκηνή, Θίασος ι 81 «Νεγρικέρ» «Ζιτς» Κλαύδα Μπιδαμάρης, Σάβ. Κυρ. 11 π.μ., 3 μ.μ.
